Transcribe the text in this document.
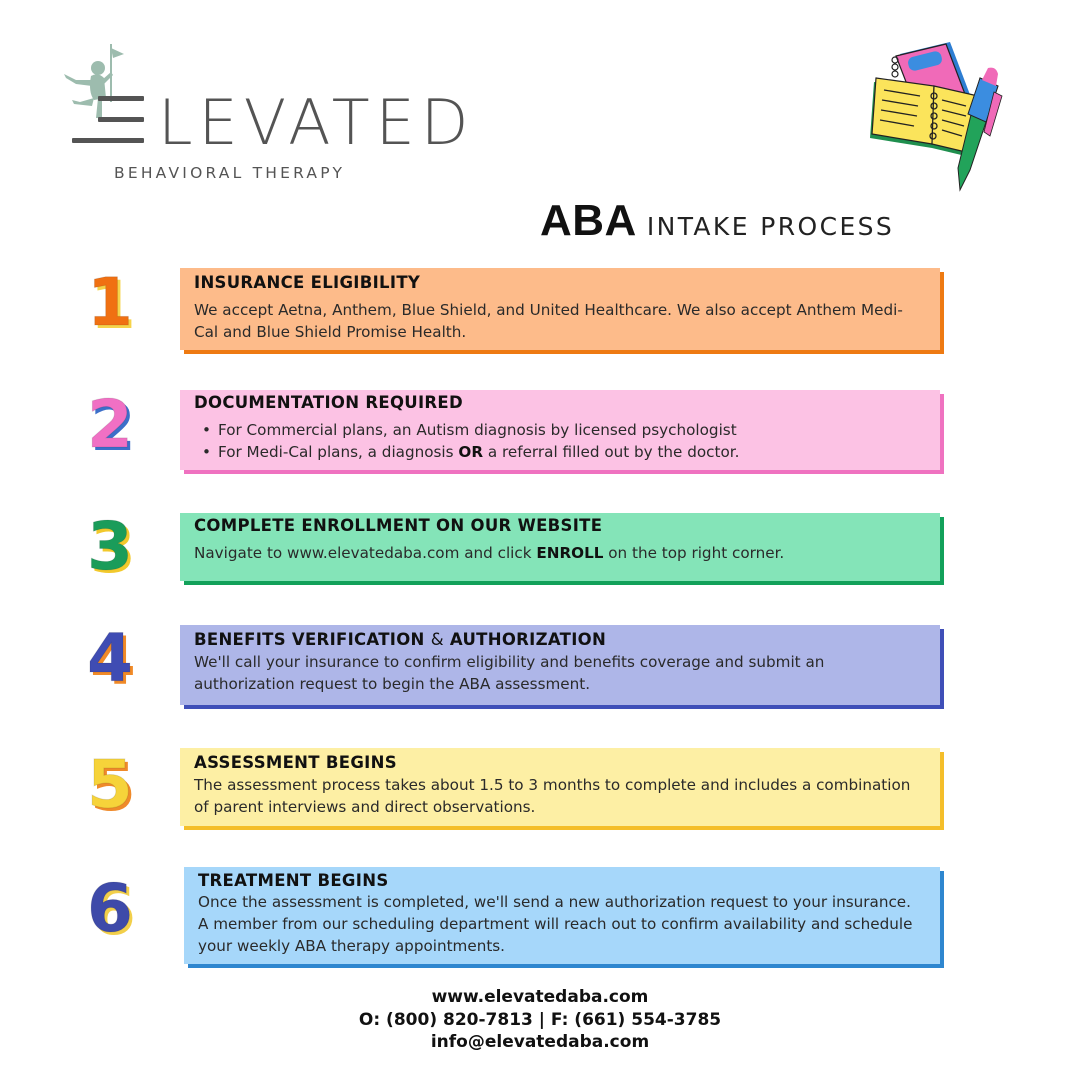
LEVATED
BEHAVIORAL THERAPY
ABA INTAKE PROCESS
1	INSURANCE ELIGIBILITY
We accept Aetna, Anthem, Blue Shield, and United Healthcare. We also accept Anthem Medi-Cal and Blue Shield Promise Health.
2	DOCUMENTATION REQUIRED
• For Commercial plans, an Autism diagnosis by licensed psychologist
• For Medi-Cal plans, a diagnosis OR a referral filled out by the doctor.
3	COMPLETE ENROLLMENT ON OUR WEBSITE
Navigate to www.elevatedaba.com and click ENROLL on the top right corner.
4	BENEFITS VERIFICATION & AUTHORIZATION
We'll call your insurance to confirm eligibility and benefits coverage and submit an authorization request to begin the ABA assessment.
5	ASSESSMENT BEGINS
The assessment process takes about 1.5 to 3 months to complete and includes a combination of parent interviews and direct observations.
6	TREATMENT BEGINS
Once the assessment is completed, we'll send a new authorization request to your insurance. A member from our scheduling department will reach out to confirm availability and schedule your weekly ABA therapy appointments.
www.elevatedaba.com
O: (800) 820-7813 | F: (661) 554-3785
info@elevatedaba.com
